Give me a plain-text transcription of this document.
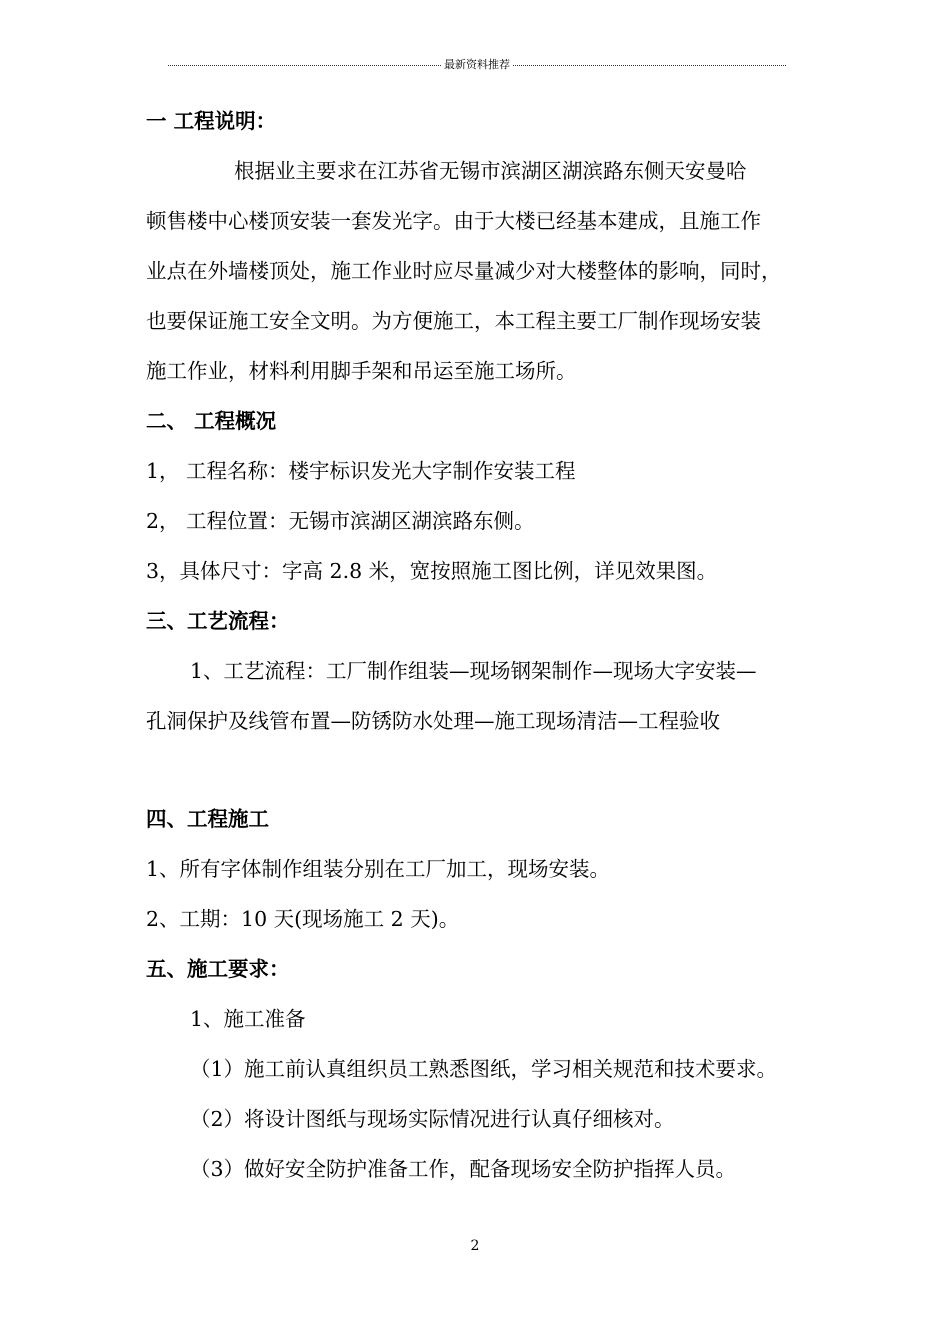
最新资料推荐
一 工程说明：
根据业主要求在江苏省无锡市滨湖区湖滨路东侧天安曼哈
顿售楼中心楼顶安装一套发光字。由于大楼已经基本建成，且施工作
业点在外墙楼顶处，施工作业时应尽量减少对大楼整体的影响，同时，
也要保证施工安全文明。为方便施工，本工程主要工厂制作现场安装
施工作业，材料利用脚手架和吊运至施工场所。
二、 工程概况
1， 工程名称：楼宇标识发光大字制作安装工程
2， 工程位置：无锡市滨湖区湖滨路东侧。
3，具体尺寸：字高 2.8 米，宽按照施工图比例，详见效果图。
三、工艺流程：
1、工艺流程：工厂制作组装—现场钢架制作—现场大字安装—
孔洞保护及线管布置—防锈防水处理—施工现场清洁—工程验收
四、工程施工
1、所有字体制作组装分别在工厂加工，现场安装。
2、工期：10 天(现场施工 2 天)。
五、施工要求：
1、施工准备
（1）施工前认真组织员工熟悉图纸，学习相关规范和技术要求。
（2）将设计图纸与现场实际情况进行认真仔细核对。
（3）做好安全防护准备工作，配备现场安全防护指挥人员。
2
